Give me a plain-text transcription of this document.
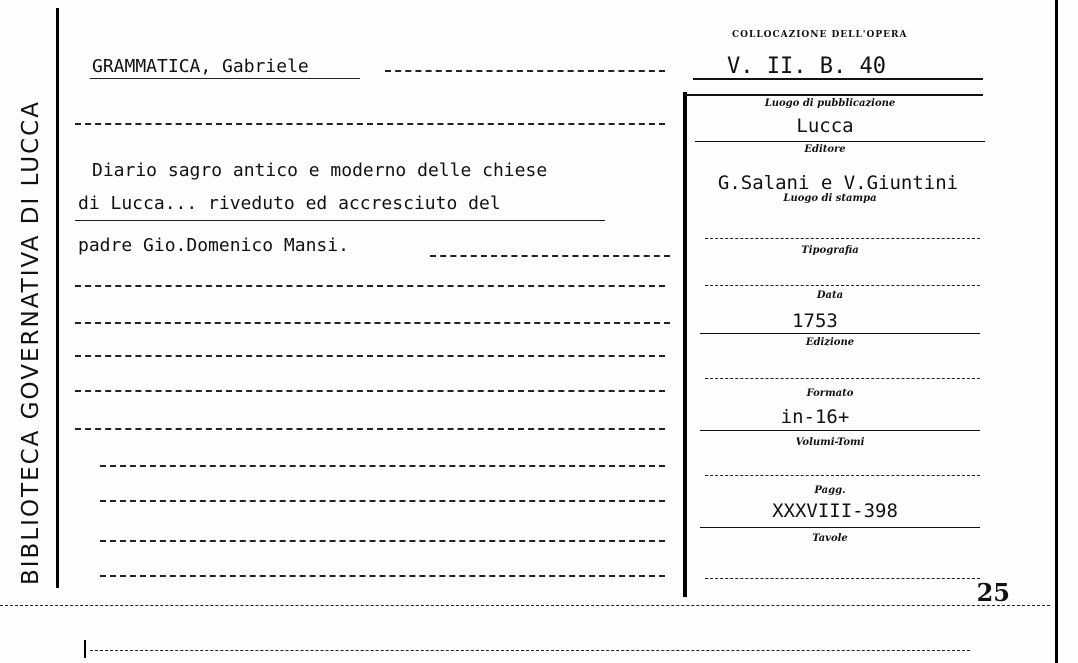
BIBLIOTECA GOVERNATIVA DI LUCCA
GRAMMATICA, Gabriele
Diario sagro antico e moderno delle chiese
di Lucca... riveduto ed accresciuto del
padre Gio.Domenico Mansi.
COLLOCAZIONE DELL'OPERA
V. II. B. 40
Luogo di pubblicazione
Lucca
Editore
G.Salani e V.Giuntini
Luogo di stampa
Tipografia
Data
1753
Edizione
Formato
in-16+
Volumi-Tomi
Pagg.
XXXVIII-398
Tavole
25
